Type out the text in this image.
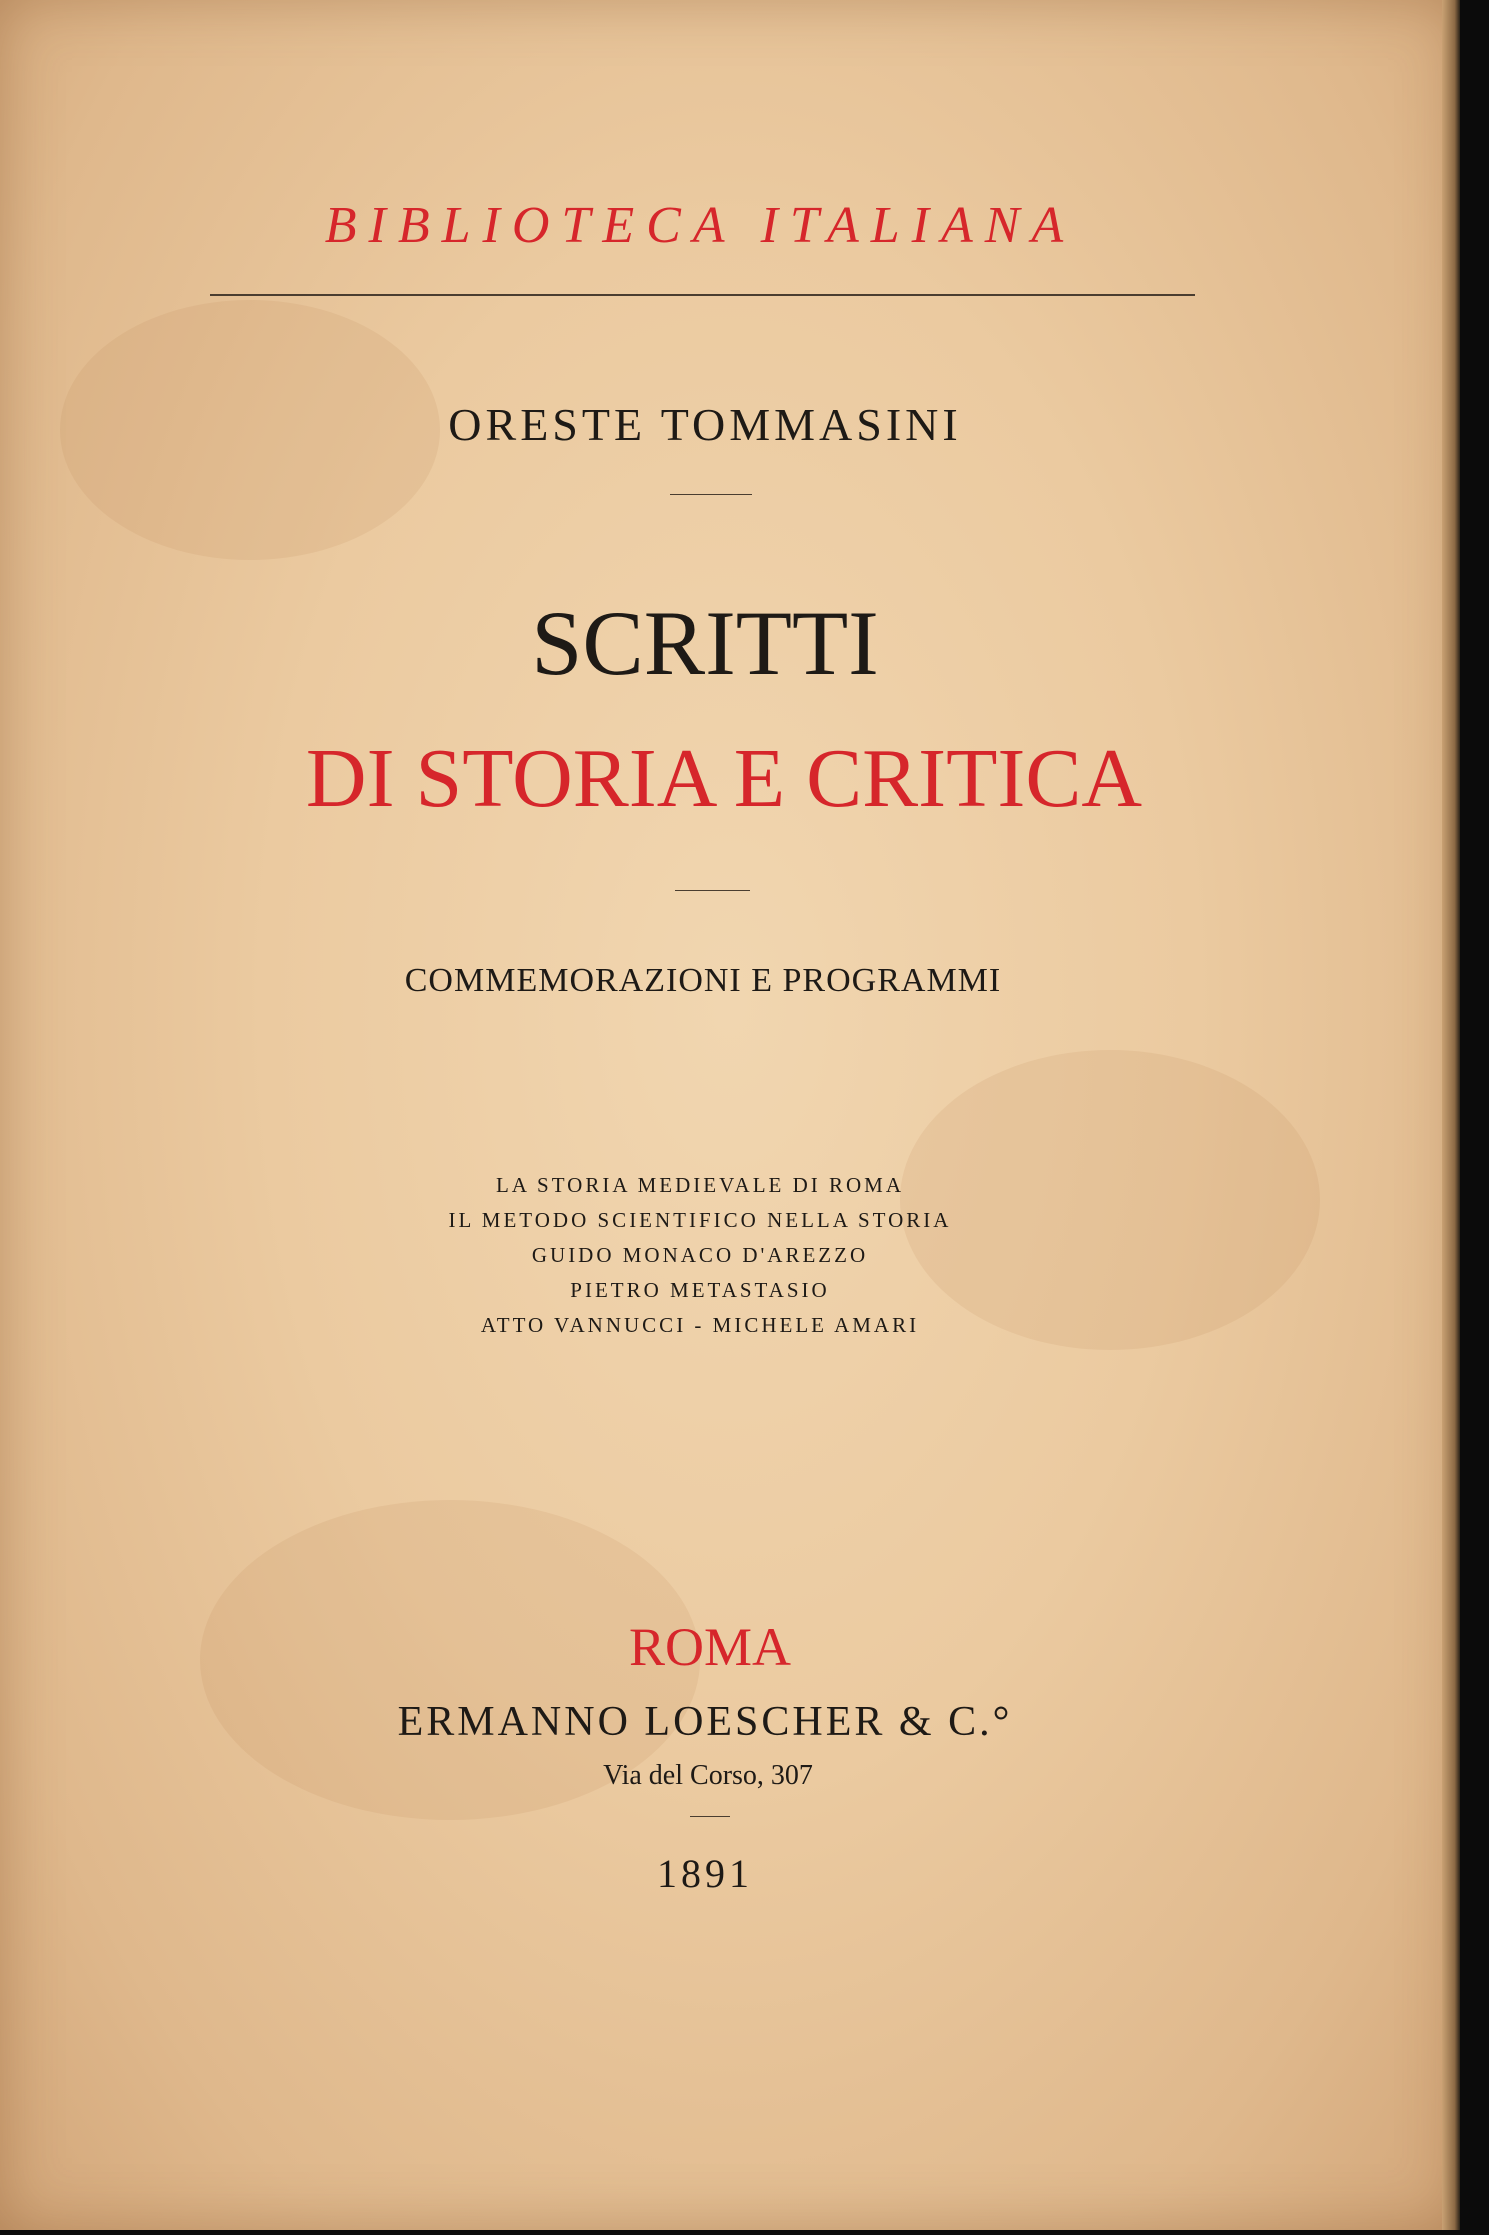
BIBLIOTECA ITALIANA

ORESTE TOMMASINI

SCRITTI

DI STORIA E CRITICA

COMMEMORAZIONI E PROGRAMMI

LA STORIA MEDIEVALE DI ROMA
IL METODO SCIENTIFICO NELLA STORIA
GUIDO MONACO D'AREZZO
PIETRO METASTASIO
ATTO VANNUCCI - MICHELE AMARI

ROMA

ERMANNO LOESCHER & C.°

Via del Corso, 307

1891
